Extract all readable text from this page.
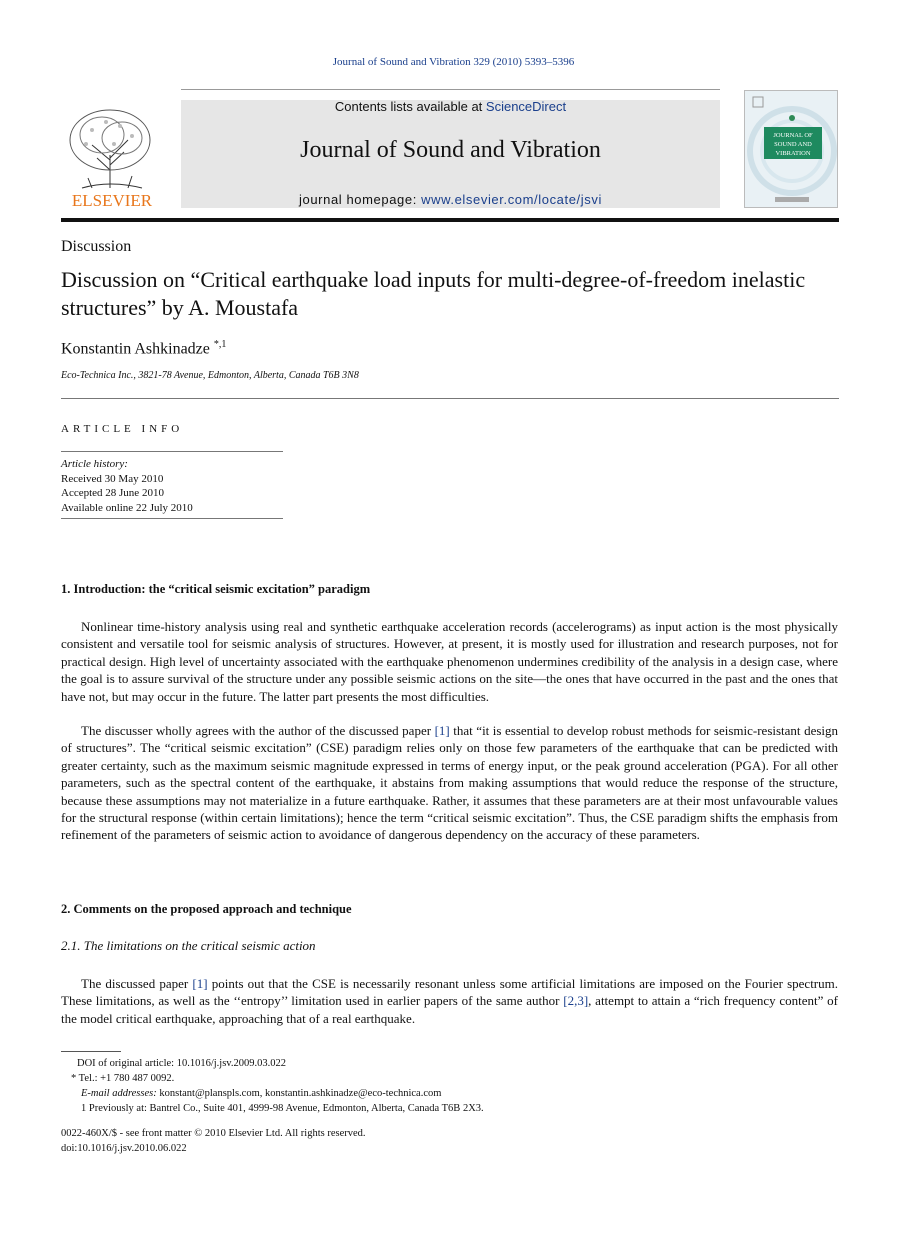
Journal of Sound and Vibration 329 (2010) 5393–5396
Contents lists available at ScienceDirect
Journal of Sound and Vibration
journal homepage: www.elsevier.com/locate/jsvi
ELSEVIER
JOURNAL OF
SOUND AND
VIBRATION
Discussion
Discussion on “Critical earthquake load inputs for multi-degree-of-freedom inelastic structures” by A. Moustafa
Konstantin Ashkinadze $^{*,1}$
Eco-Technica Inc., 3821-78 Avenue, Edmonton, Alberta, Canada T6B 3N8
ARTICLE INFO
Article history:
Received 30 May 2010
Accepted 28 June 2010
Available online 22 July 2010
1. Introduction: the “critical seismic excitation” paradigm
Nonlinear time-history analysis using real and synthetic earthquake acceleration records (accelerograms) as input action is the most physically consistent and versatile tool for seismic analysis of structures. However, at present, it is mostly used for illustration and research purposes, not for practical design. High level of uncertainty associated with the earthquake phenomenon undermines credibility of the analysis in a design case, where the goal is to assure survival of the structure under any possible seismic actions on the site—the ones that have occurred in the past and the ones that have not, but may occur in the future. The latter part presents the most difficulties.
The discusser wholly agrees with the author of the discussed paper [1] that “it is essential to develop robust methods for seismic-resistant design of structures”. The “critical seismic excitation” (CSE) paradigm relies only on those few parameters of the earthquake that can be predicted with greater certainty, such as the maximum seismic magnitude expressed in terms of energy input, or the peak ground acceleration (PGA). For all other parameters, such as the spectral content of the earthquake, it abstains from making assumptions that would reduce the response of the structure, because these assumptions may not materialize in a future earthquake. Rather, it assumes that these parameters are at their most unfavourable values for the structural response (within certain limitations); hence the term “critical seismic excitation”. Thus, the CSE paradigm shifts the emphasis from refinement of the parameters of seismic action to avoidance of dangerous dependency on the accuracy of these parameters.
2. Comments on the proposed approach and technique
2.1. The limitations on the critical seismic action
The discussed paper [1] points out that the CSE is necessarily resonant unless some artificial limitations are imposed on the Fourier spectrum. These limitations, as well as the ‘‘entropy’’ limitation used in earlier papers of the same author [2,3], attempt to attain a “rich frequency content” of the model critical earthquake, approaching that of a real earthquake.
DOI of original article: 10.1016/j.jsv.2009.03.022
* Tel.: +1 780 487 0092.
E-mail addresses: konstant@planspls.com, konstantin.ashkinadze@eco-technica.com
1 Previously at: Bantrel Co., Suite 401, 4999-98 Avenue, Edmonton, Alberta, Canada T6B 2X3.
0022-460X/$ - see front matter © 2010 Elsevier Ltd. All rights reserved.
doi:10.1016/j.jsv.2010.06.022
